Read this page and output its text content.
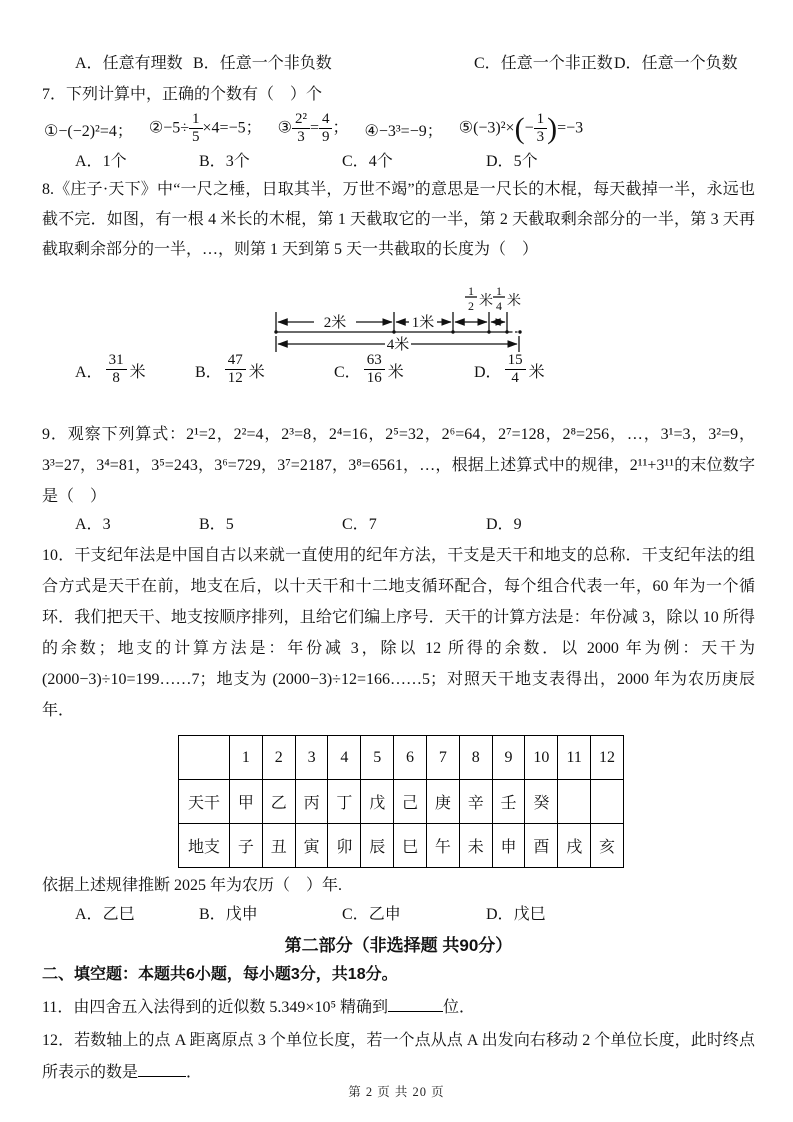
A．任意有理数 B．任意一个非负数	C．任意一个非正数 D．任意一个负数
7．下列计算中，正确的个数有（　）个
①−(−2)²=4； ②−5÷ $\frac{1}{5} \times 4=-5$； ③ $\frac{\text{2²}}{3} = \frac{4}{9}$ ； ④−3³=−9； ⑤(−3)²×(− $\frac{1}{3} )=-3$
A．1个	B．3个	C．4个	D．5个
8.《庄子·天下》中“一尺之棰，日取其半，万世不竭”的意思是一尺长的木棍，每天截掉一半，永远也截不完．如图，有一根 4 米长的木棍，第 1 天截取它的一半，第 2 天截取剩余部分的一半，第 3 天再截取剩余部分的一半，…，则第 1 天到第 5 天一共截取的长度为（　）
2米	1米
1
2 米
1
4 米
4米
A． $\frac{31}{8}$ 米	B． $\frac{47}{12}$ 米	C． $\frac{63}{16}$ 米	D． $\frac{15}{4}$ 米
9．观察下列算式：2¹=2，2²=4，2³=8，2⁴=16，2⁵=32，2⁶=64，2⁷=128，2⁸=256，…，3¹=3，3²=9，3³=27，3⁴=81，3⁵=243，3⁶=729，3⁷=2187，3⁸=6561，…，根据上述算式中的规律，2¹¹+3¹¹的末位数字是（　）
A．3	B．5	C．7	D．9
10．干支纪年法是中国自古以来就一直使用的纪年方法，干支是天干和地支的总称．干支纪年法的组合方式是天干在前，地支在后，以十天干和十二地支循环配合，每个组合代表一年，60 年为一个循环．我们把天干、地支按顺序排列，且给它们编上序号．天干的计算方法是：年份减 3，除以 10 所得的余数；地支的计算方法是：年份减 3，除以 12 所得的余数．以 2000 年为例：天干为 (2000−3)÷10=199……7；地支为 (2000−3)÷12=166……5；对照天干地支表得出，2000 年为农历庚辰年．
	1	2	3	4	5	6	7	8	9	10	11	12
天干	甲	乙	丙	丁	戊	己	庚	辛	壬	癸		
地支	子	丑	寅	卯	辰	巳	午	未	申	酉	戌	亥
依据上述规律推断 2025 年为农历（　）年.
A．乙巳	B．戊申	C．乙申	D．戊巳
第二部分（非选择题 共90分）
二、填空题：本题共6小题，每小题3分，共18分。
11．由四舍五入法得到的近似数 5.349×10⁵ 精确到	位．
12．若数轴上的点 A 距离原点 3 个单位长度，若一个点从点 A 出发向右移动 2 个单位长度，此时终点所表示的数是	．
第 2 页 共 20 页
